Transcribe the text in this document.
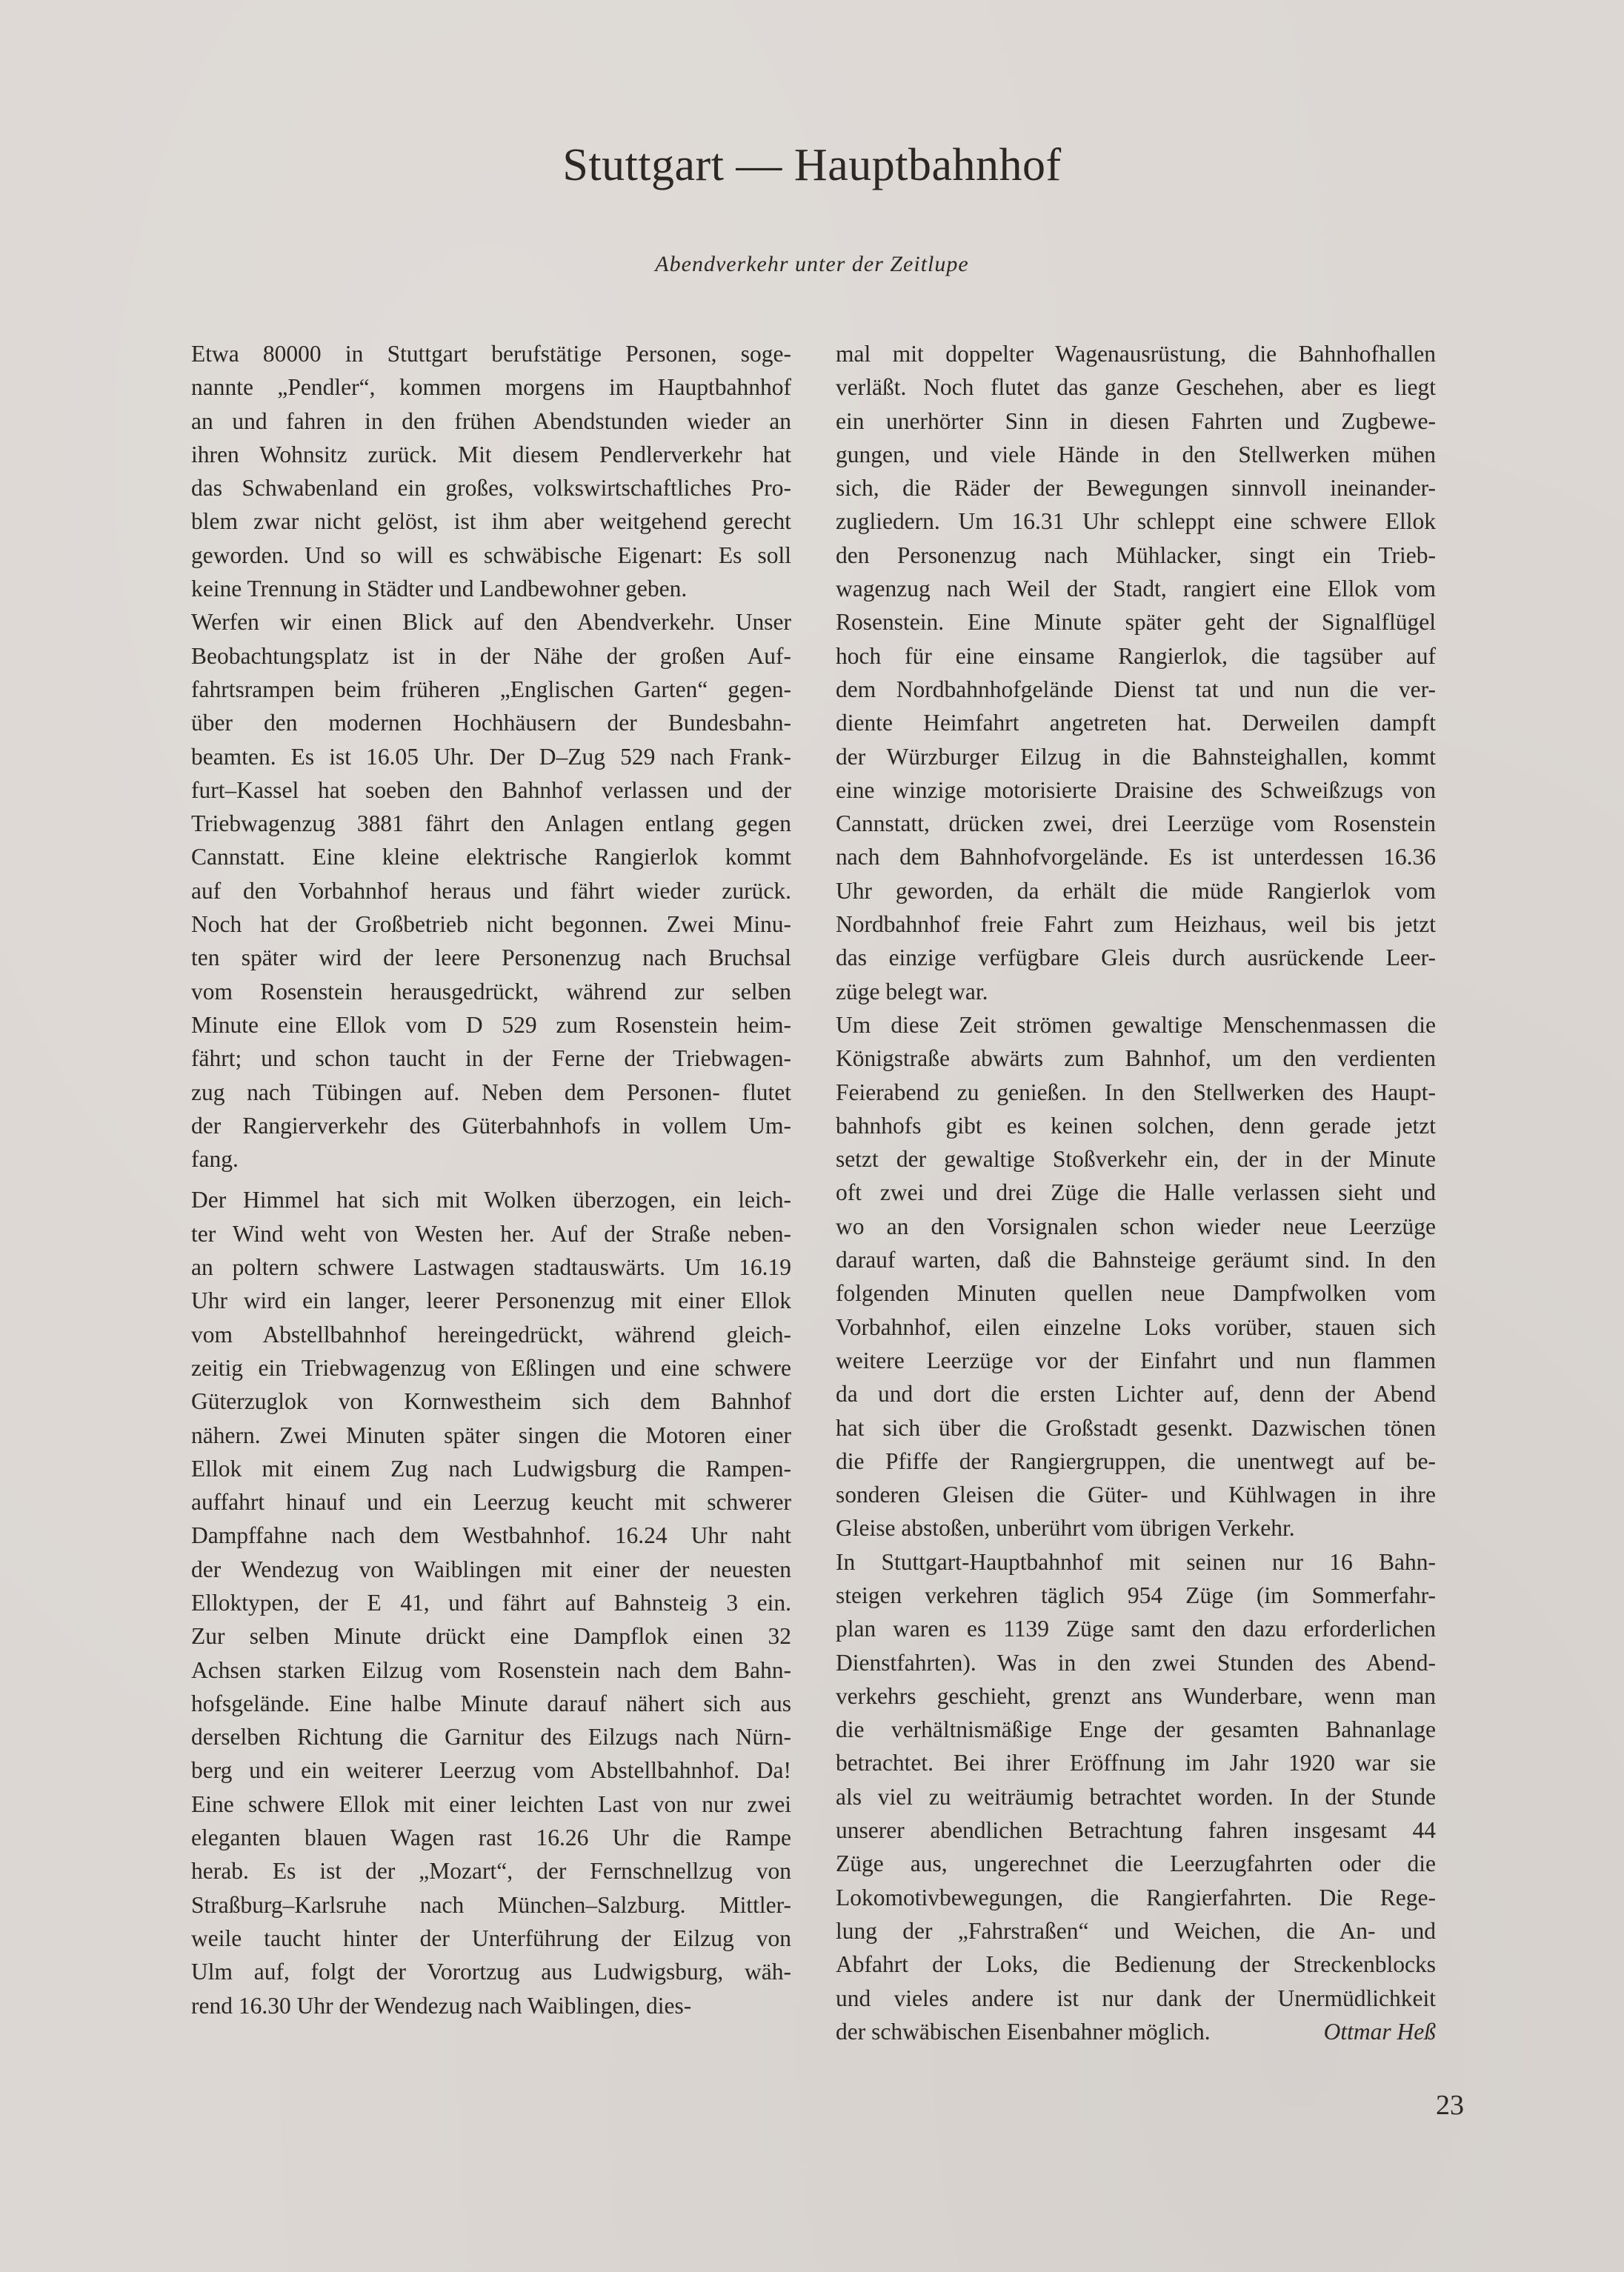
Stuttgart — Hauptbahnhof
Abendverkehr unter der Zeitlupe
Etwa 80000 in Stuttgart berufstätige Personen, soge-
nannte „Pendler“, kommen morgens im Hauptbahnhof
an und fahren in den frühen Abendstunden wieder an
ihren Wohnsitz zurück. Mit diesem Pendlerverkehr hat
das Schwabenland ein großes, volkswirtschaftliches Pro-
blem zwar nicht gelöst, ist ihm aber weitgehend gerecht
geworden. Und so will es schwäbische Eigenart: Es soll
keine Trennung in Städter und Landbewohner geben.
Werfen wir einen Blick auf den Abendverkehr. Unser
Beobachtungsplatz ist in der Nähe der großen Auf-
fahrtsrampen beim früheren „Englischen Garten“ gegen-
über den modernen Hochhäusern der Bundesbahn-
beamten. Es ist 16.05 Uhr. Der D–Zug 529 nach Frank-
furt–Kassel hat soeben den Bahnhof verlassen und der
Triebwagenzug 3881 fährt den Anlagen entlang gegen
Cannstatt. Eine kleine elektrische Rangierlok kommt
auf den Vorbahnhof heraus und fährt wieder zurück.
Noch hat der Großbetrieb nicht begonnen. Zwei Minu-
ten später wird der leere Personenzug nach Bruchsal
vom Rosenstein herausgedrückt, während zur selben
Minute eine Ellok vom D 529 zum Rosenstein heim-
fährt; und schon taucht in der Ferne der Triebwagen-
zug nach Tübingen auf. Neben dem Personen- flutet
der Rangierverkehr des Güterbahnhofs in vollem Um-
fang.
Der Himmel hat sich mit Wolken überzogen, ein leich-
ter Wind weht von Westen her. Auf der Straße neben-
an poltern schwere Lastwagen stadtauswärts. Um 16.19
Uhr wird ein langer, leerer Personenzug mit einer Ellok
vom Abstellbahnhof hereingedrückt, während gleich-
zeitig ein Triebwagenzug von Eßlingen und eine schwere
Güterzuglok von Kornwestheim sich dem Bahnhof
nähern. Zwei Minuten später singen die Motoren einer
Ellok mit einem Zug nach Ludwigsburg die Rampen-
auffahrt hinauf und ein Leerzug keucht mit schwerer
Dampffahne nach dem Westbahnhof. 16.24 Uhr naht
der Wendezug von Waiblingen mit einer der neuesten
Elloktypen, der E 41, und fährt auf Bahnsteig 3 ein.
Zur selben Minute drückt eine Dampflok einen 32
Achsen starken Eilzug vom Rosenstein nach dem Bahn-
hofsgelände. Eine halbe Minute darauf nähert sich aus
derselben Richtung die Garnitur des Eilzugs nach Nürn-
berg und ein weiterer Leerzug vom Abstellbahnhof. Da!
Eine schwere Ellok mit einer leichten Last von nur zwei
eleganten blauen Wagen rast 16.26 Uhr die Rampe
herab. Es ist der „Mozart“, der Fernschnellzug von
Straßburg–Karlsruhe nach München–Salzburg. Mittler-
weile taucht hinter der Unterführung der Eilzug von
Ulm auf, folgt der Vorortzug aus Ludwigsburg, wäh-
rend 16.30 Uhr der Wendezug nach Waiblingen, dies-
mal mit doppelter Wagenausrüstung, die Bahnhofhallen
verläßt. Noch flutet das ganze Geschehen, aber es liegt
ein unerhörter Sinn in diesen Fahrten und Zugbewe-
gungen, und viele Hände in den Stellwerken mühen
sich, die Räder der Bewegungen sinnvoll ineinander-
zugliedern. Um 16.31 Uhr schleppt eine schwere Ellok
den Personenzug nach Mühlacker, singt ein Trieb-
wagenzug nach Weil der Stadt, rangiert eine Ellok vom
Rosenstein. Eine Minute später geht der Signalflügel
hoch für eine einsame Rangierlok, die tagsüber auf
dem Nordbahnhofgelände Dienst tat und nun die ver-
diente Heimfahrt angetreten hat. Derweilen dampft
der Würzburger Eilzug in die Bahnsteighallen, kommt
eine winzige motorisierte Draisine des Schweißzugs von
Cannstatt, drücken zwei, drei Leerzüge vom Rosenstein
nach dem Bahnhofvorgelände. Es ist unterdessen 16.36
Uhr geworden, da erhält die müde Rangierlok vom
Nordbahnhof freie Fahrt zum Heizhaus, weil bis jetzt
das einzige verfügbare Gleis durch ausrückende Leer-
züge belegt war.
Um diese Zeit strömen gewaltige Menschenmassen die
Königstraße abwärts zum Bahnhof, um den verdienten
Feierabend zu genießen. In den Stellwerken des Haupt-
bahnhofs gibt es keinen solchen, denn gerade jetzt
setzt der gewaltige Stoßverkehr ein, der in der Minute
oft zwei und drei Züge die Halle verlassen sieht und
wo an den Vorsignalen schon wieder neue Leerzüge
darauf warten, daß die Bahnsteige geräumt sind. In den
folgenden Minuten quellen neue Dampfwolken vom
Vorbahnhof, eilen einzelne Loks vorüber, stauen sich
weitere Leerzüge vor der Einfahrt und nun flammen
da und dort die ersten Lichter auf, denn der Abend
hat sich über die Großstadt gesenkt. Dazwischen tönen
die Pfiffe der Rangiergruppen, die unentwegt auf be-
sonderen Gleisen die Güter- und Kühlwagen in ihre
Gleise abstoßen, unberührt vom übrigen Verkehr.
In Stuttgart-Hauptbahnhof mit seinen nur 16 Bahn-
steigen verkehren täglich 954 Züge (im Sommerfahr-
plan waren es 1139 Züge samt den dazu erforderlichen
Dienstfahrten). Was in den zwei Stunden des Abend-
verkehrs geschieht, grenzt ans Wunderbare, wenn man
die verhältnismäßige Enge der gesamten Bahnanlage
betrachtet. Bei ihrer Eröffnung im Jahr 1920 war sie
als viel zu weiträumig betrachtet worden. In der Stunde
unserer abendlichen Betrachtung fahren insgesamt 44
Züge aus, ungerechnet die Leerzugfahrten oder die
Lokomotivbewegungen, die Rangierfahrten. Die Rege-
lung der „Fahrstraßen“ und Weichen, die An- und
Abfahrt der Loks, die Bedienung der Streckenblocks
und vieles andere ist nur dank der Unermüdlichkeit
der schwäbischen Eisenbahner möglich.	Ottmar Heß
23
